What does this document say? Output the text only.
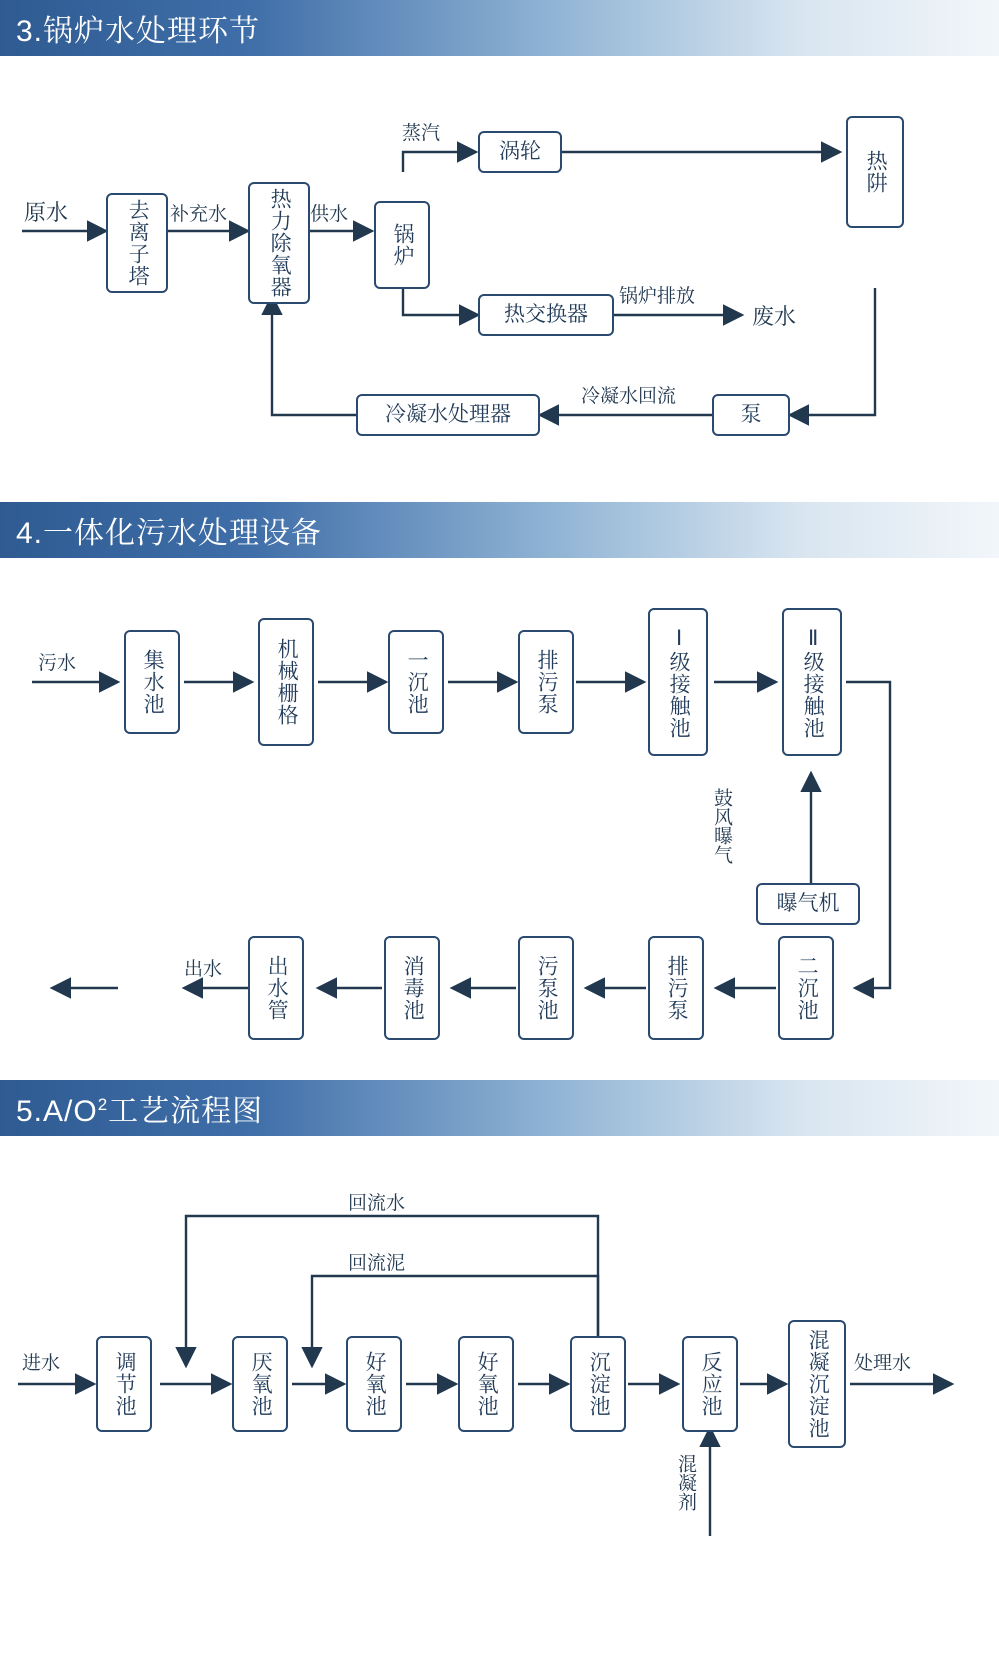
3.锅炉水处理环节
去离子塔	热力除氧器	锅炉
涡轮
热交换器
热阱
冷凝水处理器	泵
原水	补充水	供水
蒸汽
锅炉排放
废水
冷凝水回流
4.一体化污水处理设备
集水池	机械栅格	一沉池	排污泵	Ⅰ级接触池	Ⅱ级接触池
曝气机
二沉池
排污泵
污泵池
消毒池
出水管
污水
鼓风曝气
出水
$5.A/O^2$工艺流程图
调节池	厌氧池	好氧池	好氧池	沉淀池	反应池	混凝沉淀池
进水
回流水
回流泥
混凝剂
处理水
